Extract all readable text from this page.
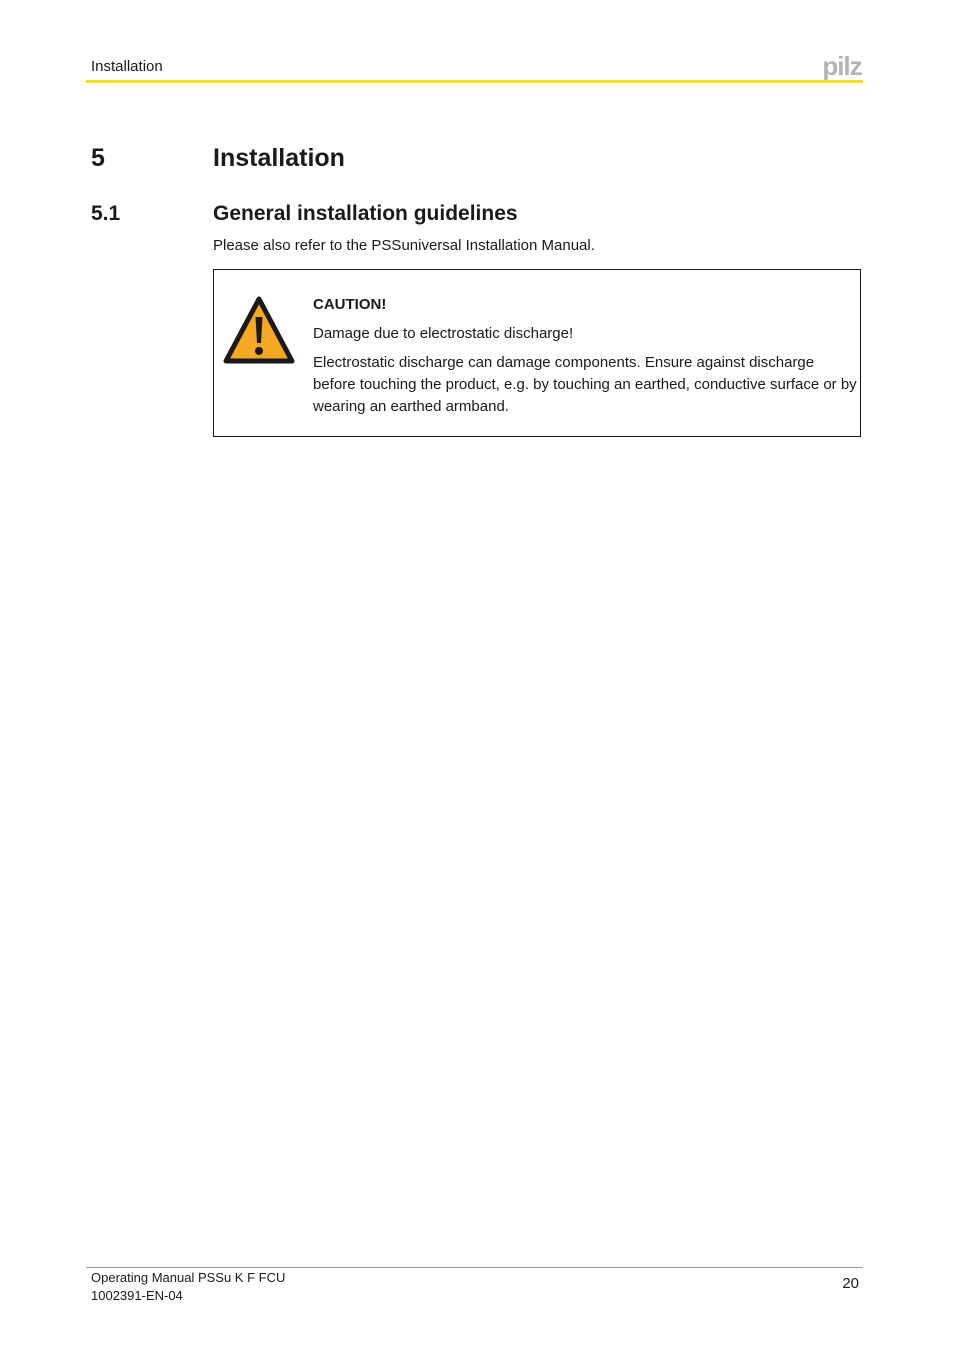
Installation	pilz
5	Installation
5.1	General installation guidelines
Please also refer to the PSSuniversal Installation Manual.

CAUTION!

Damage due to electrostatic discharge!

Electrostatic discharge can damage components. Ensure against discharge before touching the product, e.g. by touching an earthed, conductive surface or by wearing an earthed armband.

Operating Manual PSSu K F FCU
1002391-EN-04
20
